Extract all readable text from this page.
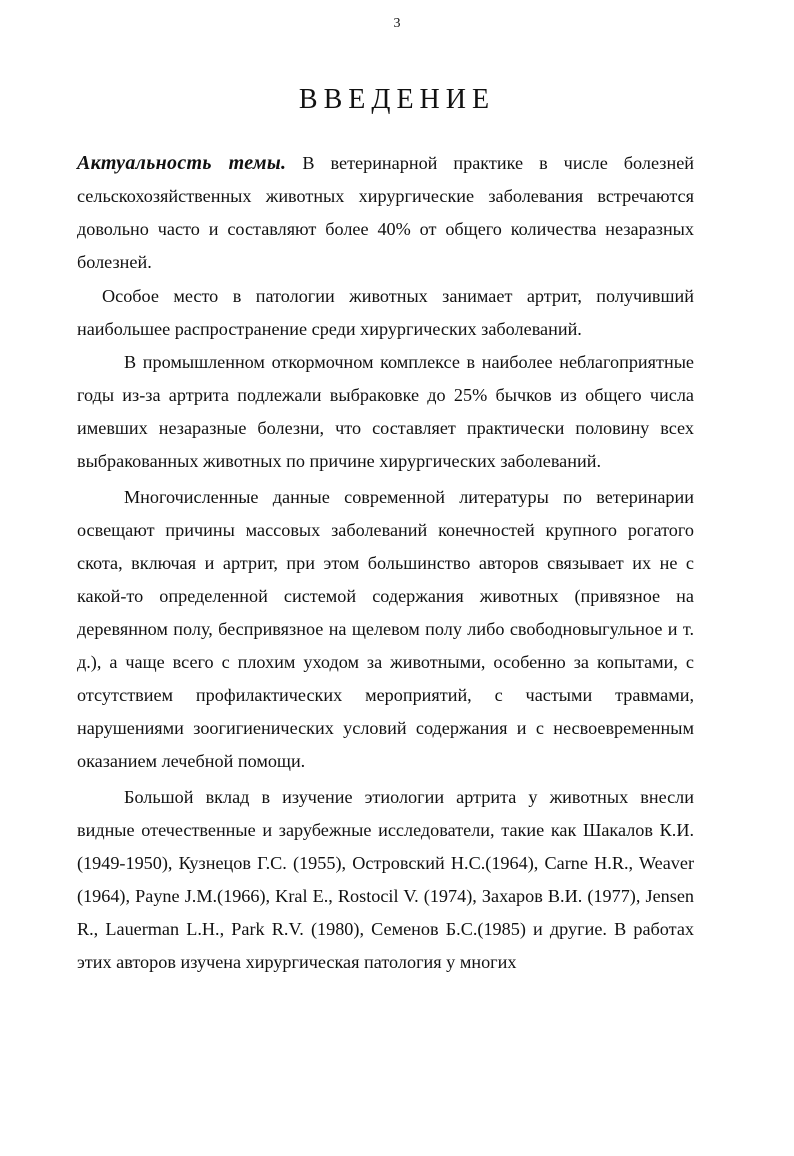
3
ВВЕДЕНИЕ

Актуальность темы. В ветеринарной практике в числе болезней сельскохозяйственных животных хирургические заболевания встречаются довольно часто и составляют более 40% от общего количества незаразных болезней.

Особое место в патологии животных занимает артрит, получивший наибольшее распространение среди хирургических заболеваний.

В промышленном откормочном комплексе в наиболее неблагоприятные годы из-за артрита подлежали выбраковке до 25% бычков из общего числа имевших незаразные болезни, что составляет практически половину всех выбракованных животных по причине хирургических заболеваний.

Многочисленные данные современной литературы по ветеринарии освещают причины массовых заболеваний конечностей крупного рогатого скота, включая и артрит, при этом большинство авторов связывает их не с какой-то определенной системой содержания животных (привязное на деревянном полу, беспривязное на щелевом полу либо свободновыгульное и т. д.), а чаще всего с плохим уходом за животными, особенно за копытами, с отсутствием профилактических мероприятий, с частыми травмами, нарушениями зоогигиенических условий содержания и с несвоевременным оказанием лечебной помощи.

Большой вклад в изучение этиологии артрита у животных внесли видные отечественные и зарубежные исследователи, такие как Шакалов К.И. (1949-1950), Кузнецов Г.С. (1955), Островский Н.С.(1964), Carne H.R., Weaver (1964), Payne J.M.(1966), Kral E., Rostocil V. (1974), Захаров В.И. (1977), Jensen R., Lauerman L.H., Park R.V. (1980), Семенов Б.С.(1985) и другие. В работах этих авторов изучена хирургическая патология у многих
